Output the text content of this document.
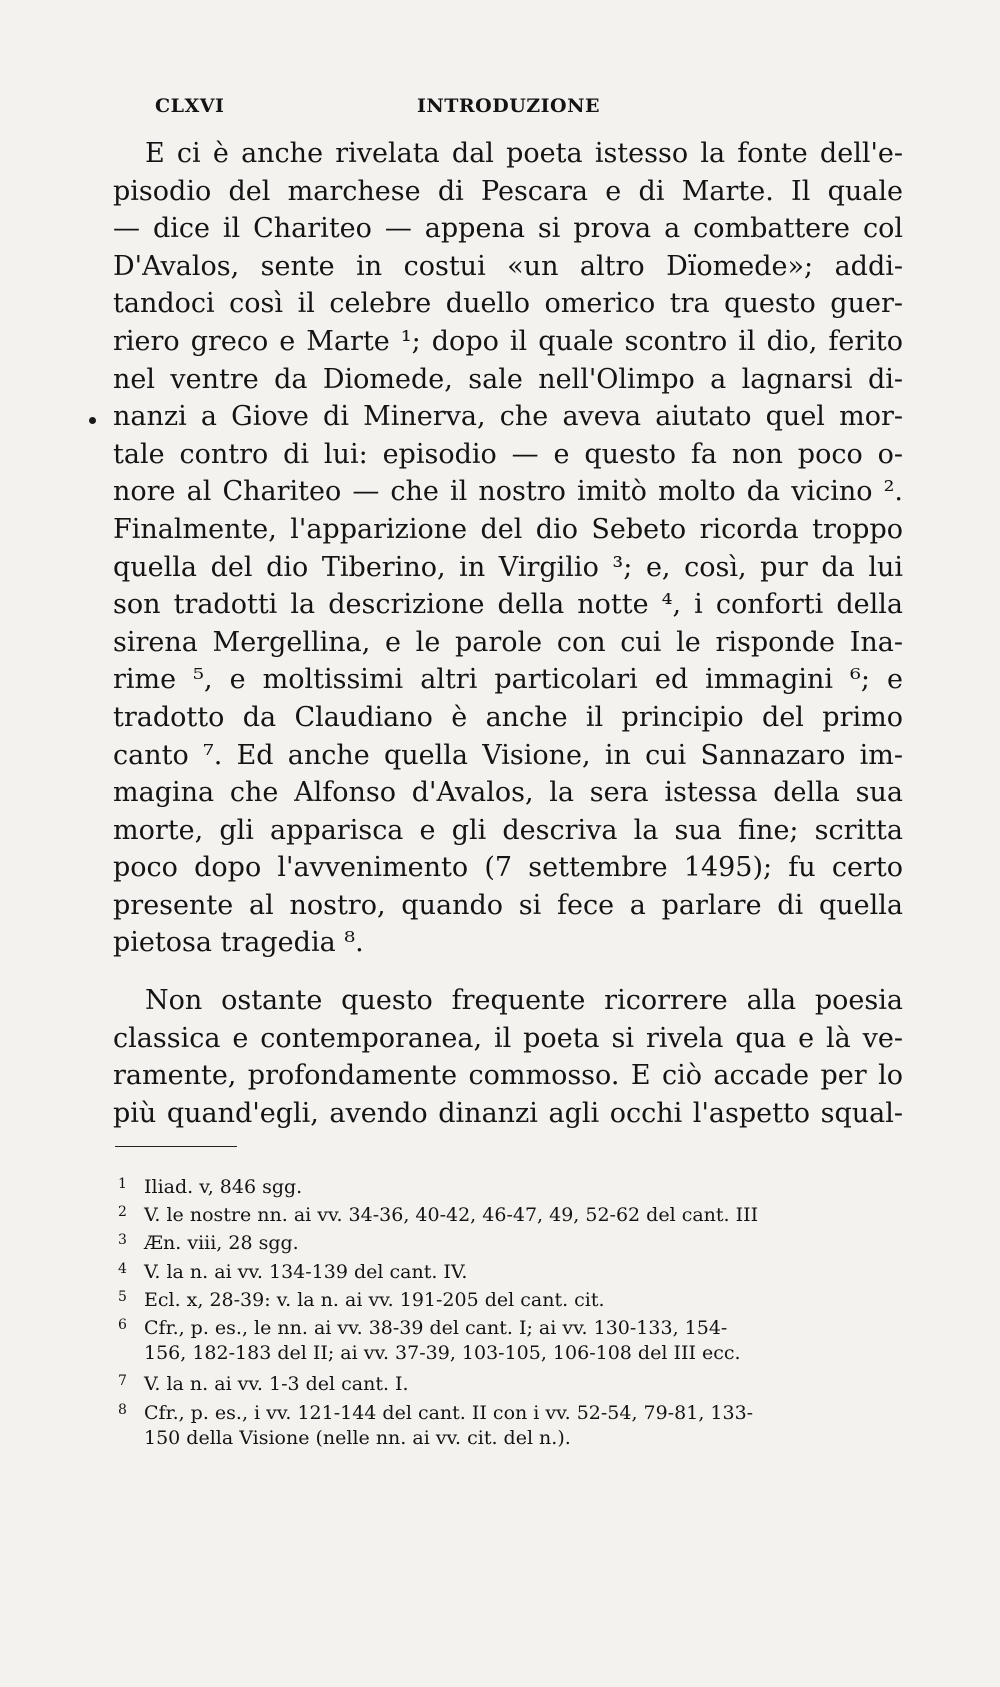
CLXVI	INTRODUZIONE
E ci è anche rivelata dal poeta istesso la fonte dell'e-
pisodio del marchese di Pescara e di Marte. Il quale
— dice il Chariteo — appena si prova a combattere col
D'Avalos, sente in costui «un altro Dïomede»; addi-
tandoci così il celebre duello omerico tra questo guer-
riero greco e Marte ¹; dopo il quale scontro il dio, ferito
nel ventre da Diomede, sale nell'Olimpo a lagnarsi di-
nanzi a Giove di Minerva, che aveva aiutato quel mor-
tale contro di lui: episodio — e questo fa non poco o-
nore al Chariteo — che il nostro imitò molto da vicino ².
Finalmente, l'apparizione del dio Sebeto ricorda troppo
quella del dio Tiberino, in Virgilio ³; e, così, pur da lui
son tradotti la descrizione della notte ⁴, i conforti della
sirena Mergellina, e le parole con cui le risponde Ina-
rime ⁵, e moltissimi altri particolari ed immagini ⁶; e
tradotto da Claudiano è anche il principio del primo
canto ⁷. Ed anche quella Visione, in cui Sannazaro im-
magina che Alfonso d'Avalos, la sera istessa della sua
morte, gli apparisca e gli descriva la sua fine; scritta
poco dopo l'avvenimento (7 settembre 1495); fu certo
presente al nostro, quando si fece a parlare di quella
pietosa tragedia ⁸.
Non ostante questo frequente ricorrere alla poesia
classica e contemporanea, il poeta si rivela qua e là ve-
ramente, profondamente commosso. E ciò accade per lo
più quand'egli, avendo dinanzi agli occhi l'aspetto squal-
1 Iliad. v, 846 sgg.
2 V. le nostre nn. ai vv. 34-36, 40-42, 46-47, 49, 52-62 del cant. III
3 Æn. viii, 28 sgg.
4 V. la n. ai vv. 134-139 del cant. IV.
5 Ecl. x, 28-39: v. la n. ai vv. 191-205 del cant. cit.
6 Cfr., p. es., le nn. ai vv. 38-39 del cant. I; ai vv. 130-133, 154-
156, 182-183 del II; ai vv. 37-39, 103-105, 106-108 del III ecc.
7 V. la n. ai vv. 1-3 del cant. I.
8 Cfr., p. es., i vv. 121-144 del cant. II con i vv. 52-54, 79-81, 133-
150 della Visione (nelle nn. ai vv. cit. del n.).
